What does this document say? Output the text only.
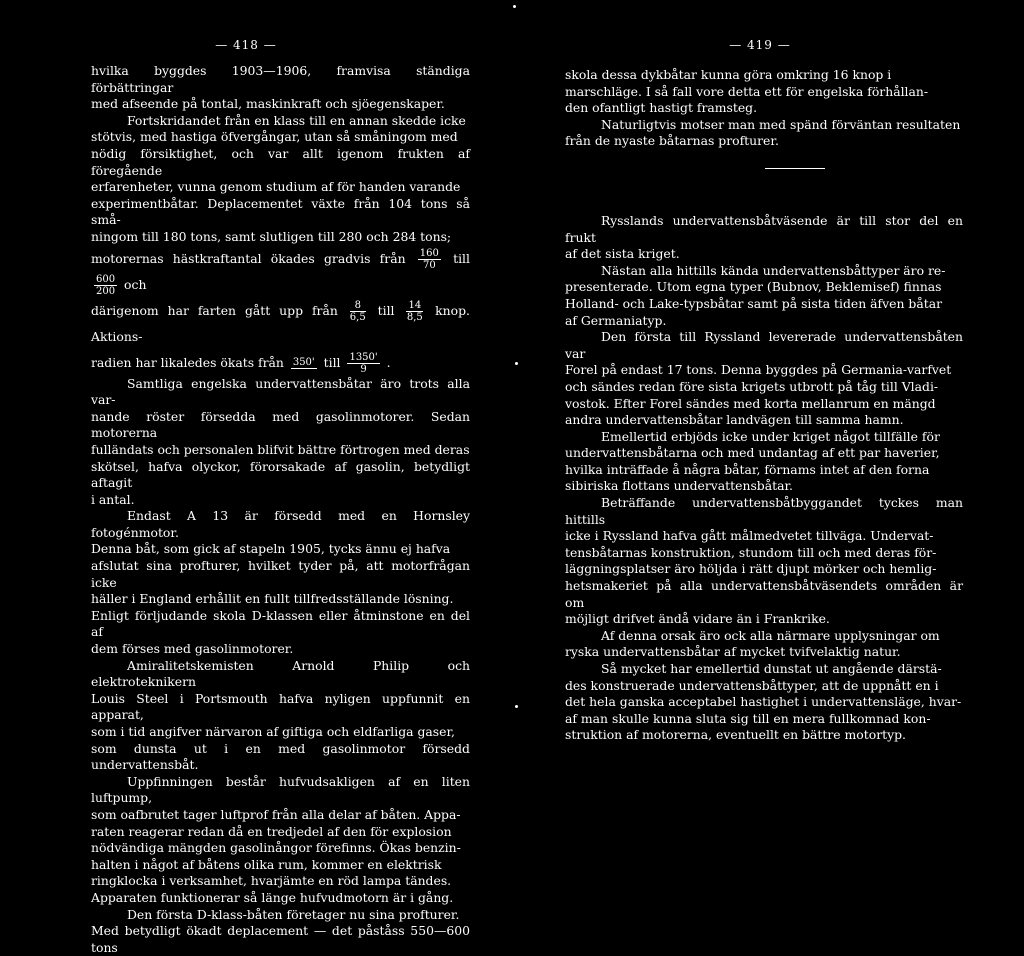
— 418 —

hvilka byggdes 1903—1906, framvisa ständiga förbättringar

med afseende på tontal, maskinkraft och sjöegenskaper.

Fortskridandet från en klass till en annan skedde icke

stötvis, med hastiga öfvergångar, utan så småningom med

nödig försiktighet, och var allt igenom frukten af föregående

erfarenheter, vunna genom studium af för handen varande

experimentbåtar. Deplacementet växte från 104 tons så små-

ningom till 180 tons, samt slutligen till 280 och 284 tons;

motorernas hästkraftantal ökades gradvis från $\frac{160}{70}$ till
$\frac{600}{200}$ och

därigenom har farten gått upp från $\frac{8}{6,5}$ till $\frac{14}{8,5}$ knop. Aktions-

radien har likaledes ökats från 350' till $\frac{1350'}{9}$ .

Samtliga engelska undervattensbåtar äro trots alla var-

nande röster försedda med gasolinmotorer. Sedan motorerna

fulländats och personalen blifvit bättre förtrogen med deras

skötsel, hafva olyckor, förorsakade af gasolin, betydligt aftagit

i antal.

Endast A 13 är försedd med en Hornsley fotogénmotor.

Denna båt, som gick af stapeln 1905, tycks ännu ej hafva

afslutat sina profturer, hvilket tyder på, att motorfrågan icke

häller i England erhållit en fullt tillfredsställande lösning.

Enligt förljudande skola D-klassen eller åtminstone en del af

dem förses med gasolinmotorer.

Amiralitetskemisten Arnold Philip och elektroteknikern

Louis Steel i Portsmouth hafva nyligen uppfunnit en apparat,

som i tid angifver närvaron af giftiga och eldfarliga gaser,

som dunsta ut i en med gasolinmotor försedd undervattensbåt.

Uppfinningen består hufvudsakligen af en liten luftpump,

som oafbrutet tager luftprof från alla delar af båten. Appa-

raten reagerar redan då en tredjedel af den för explosion

nödvändiga mängden gasolinångor förefinns. Ökas benzin-

halten i något af båtens olika rum, kommer en elektrisk

ringklocka i verksamhet, hvarjämte en röd lampa tändes.

Apparaten funktionerar så länge hufvudmotorn är i gång.

Den första D-klass-båten företager nu sina profturer.

Med betydligt ökadt deplacement — det påståss 550—600 tons

— 419 —

skola dessa dykbåtar kunna göra omkring 16 knop i

marschläge. I så fall vore detta ett för engelska förhållan-

den ofantligt hastigt framsteg.

Naturligtvis motser man med spänd förväntan resultaten

från de nyaste båtarnas profturer.

Rysslands undervattensbåtväsende är till stor del en frukt

af det sista kriget.

Nästan alla hittills kända undervattensbåttyper äro re-

presenterade. Utom egna typer (Bubnov, Beklemisef) finnas

Holland- och Lake-typsbåtar samt på sista tiden äfven båtar

af Germaniatyp.

Den första till Ryssland levererade undervattensbåten var

Forel på endast 17 tons. Denna byggdes på Germania-varfvet

och sändes redan före sista krigets utbrott på tåg till Vladi-

vostok. Efter Forel sändes med korta mellanrum en mängd

andra undervattensbåtar landvägen till samma hamn.

Emellertid erbjöds icke under kriget något tillfälle för

undervattensbåtarna och med undantag af ett par haverier,

hvilka inträffade å några båtar, förnams intet af den forna

sibiriska flottans undervattensbåtar.

Beträffande undervattensbåtbyggandet tyckes man hittills

icke i Ryssland hafva gått målmedvetet tillväga. Undervat-

tensbåtarnas konstruktion, stundom till och med deras för-

läggningsplatser äro höljda i rätt djupt mörker och hemlig-

hetsmakeriet på alla undervattensbåtväsendets områden är om

möjligt drifvet ändå vidare än i Frankrike.

Af denna orsak äro ock alla närmare upplysningar om

ryska undervattensbåtar af mycket tvifvelaktig natur.

Så mycket har emellertid dunstat ut angående därstä-

des konstruerade undervattensbåttyper, att de uppnått en i

det hela ganska acceptabel hastighet i undervattensläge, hvar-

af man skulle kunna sluta sig till en mera fullkomnad kon-

struktion af motorerna, eventuellt en bättre motortyp.
